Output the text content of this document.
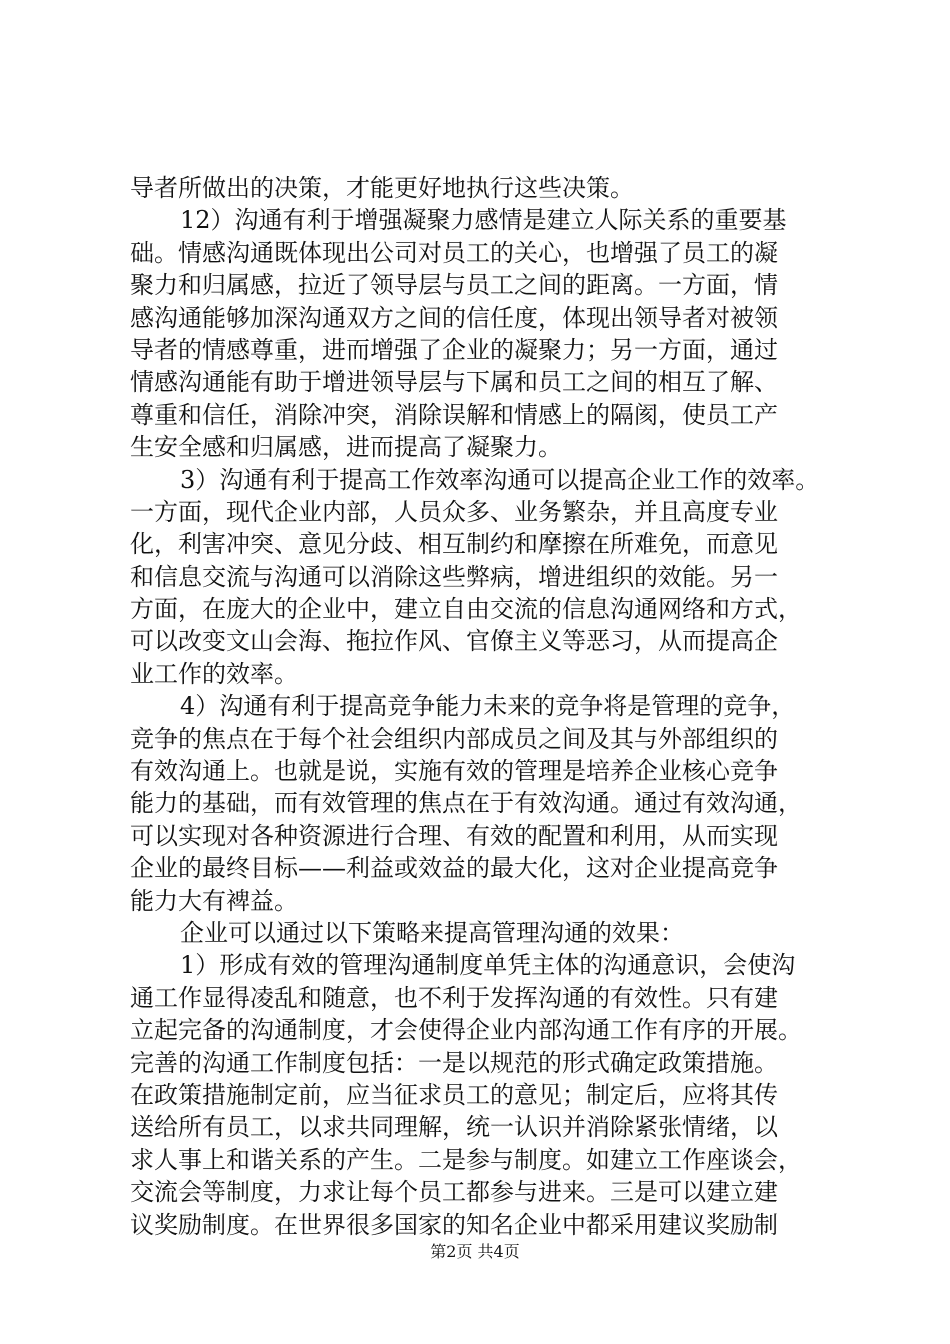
导者所做出的决策，才能更好地执行这些决策。
12）沟通有利于增强凝聚力感情是建立人际关系的重要基
础。情感沟通既体现出公司对员工的关心，也增强了员工的凝
聚力和归属感，拉近了领导层与员工之间的距离。一方面，情
感沟通能够加深沟通双方之间的信任度，体现出领导者对被领
导者的情感尊重，进而增强了企业的凝聚力；另一方面，通过
情感沟通能有助于增进领导层与下属和员工之间的相互了解、
尊重和信任，消除冲突，消除误解和情感上的隔阂，使员工产
生安全感和归属感，进而提高了凝聚力。
3）沟通有利于提高工作效率沟通可以提高企业工作的效率。
一方面，现代企业内部，人员众多、业务繁杂，并且高度专业
化，利害冲突、意见分歧、相互制约和摩擦在所难免，而意见
和信息交流与沟通可以消除这些弊病，增进组织的效能。另一
方面，在庞大的企业中，建立自由交流的信息沟通网络和方式，
可以改变文山会海、拖拉作风、官僚主义等恶习，从而提高企
业工作的效率。
4）沟通有利于提高竞争能力未来的竞争将是管理的竞争，
竞争的焦点在于每个社会组织内部成员之间及其与外部组织的
有效沟通上。也就是说，实施有效的管理是培养企业核心竞争
能力的基础，而有效管理的焦点在于有效沟通。通过有效沟通，
可以实现对各种资源进行合理、有效的配置和利用，从而实现
企业的最终目标——利益或效益的最大化，这对企业提高竞争
能力大有裨益。
企业可以通过以下策略来提高管理沟通的效果：
1）形成有效的管理沟通制度单凭主体的沟通意识，会使沟
通工作显得凌乱和随意，也不利于发挥沟通的有效性。只有建
立起完备的沟通制度，才会使得企业内部沟通工作有序的开展。
完善的沟通工作制度包括：一是以规范的形式确定政策措施。
在政策措施制定前，应当征求员工的意见；制定后，应将其传
送给所有员工，以求共同理解，统一认识并消除紧张情绪，以
求人事上和谐关系的产生。二是参与制度。如建立工作座谈会，
交流会等制度，力求让每个员工都参与进来。三是可以建立建
议奖励制度。在世界很多国家的知名企业中都采用建议奖励制
第2页 共4页
